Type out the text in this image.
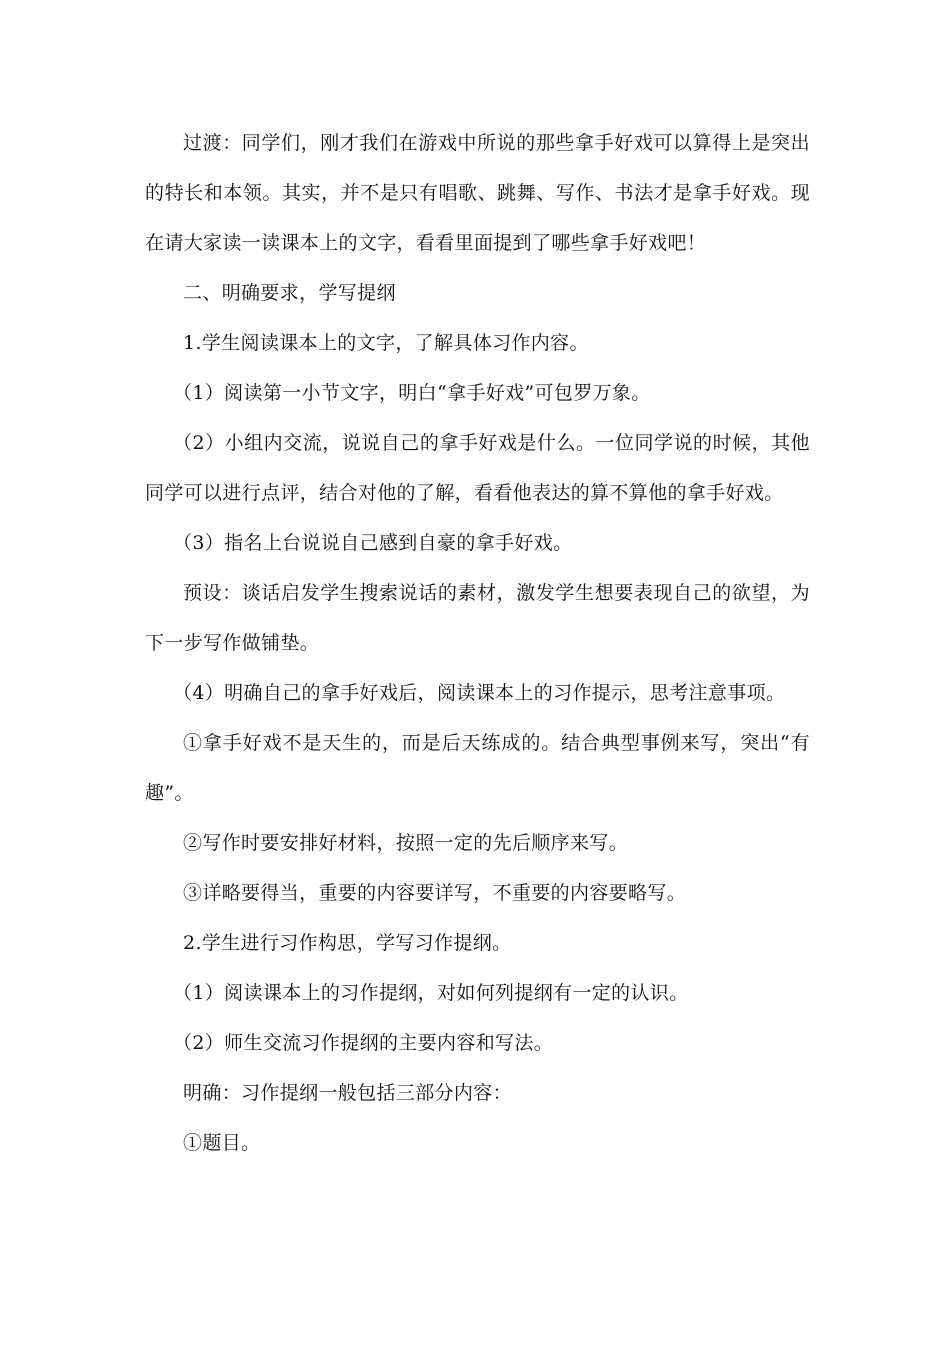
过渡：同学们，刚才我们在游戏中所说的那些拿手好戏可以算得上是突出的特长和本领。其实，并不是只有唱歌、跳舞、写作、书法才是拿手好戏。现在请大家读一读课本上的文字，看看里面提到了哪些拿手好戏吧！

二、明确要求，学写提纲

1.学生阅读课本上的文字，了解具体习作内容。

（1）阅读第一小节文字，明白“拿手好戏”可包罗万象。

（2）小组内交流，说说自己的拿手好戏是什么。一位同学说的时候，其他同学可以进行点评，结合对他的了解，看看他表达的算不算他的拿手好戏。

（3）指名上台说说自己感到自豪的拿手好戏。

预设：谈话启发学生搜索说话的素材，激发学生想要表现自己的欲望，为下一步写作做铺垫。

（4）明确自己的拿手好戏后，阅读课本上的习作提示，思考注意事项。

①拿手好戏不是天生的，而是后天练成的。结合典型事例来写，突出“有趣”。

②写作时要安排好材料，按照一定的先后顺序来写。

③详略要得当，重要的内容要详写，不重要的内容要略写。

2.学生进行习作构思，学写习作提纲。

（1）阅读课本上的习作提纲，对如何列提纲有一定的认识。

（2）师生交流习作提纲的主要内容和写法。

明确：习作提纲一般包括三部分内容：

①题目。
